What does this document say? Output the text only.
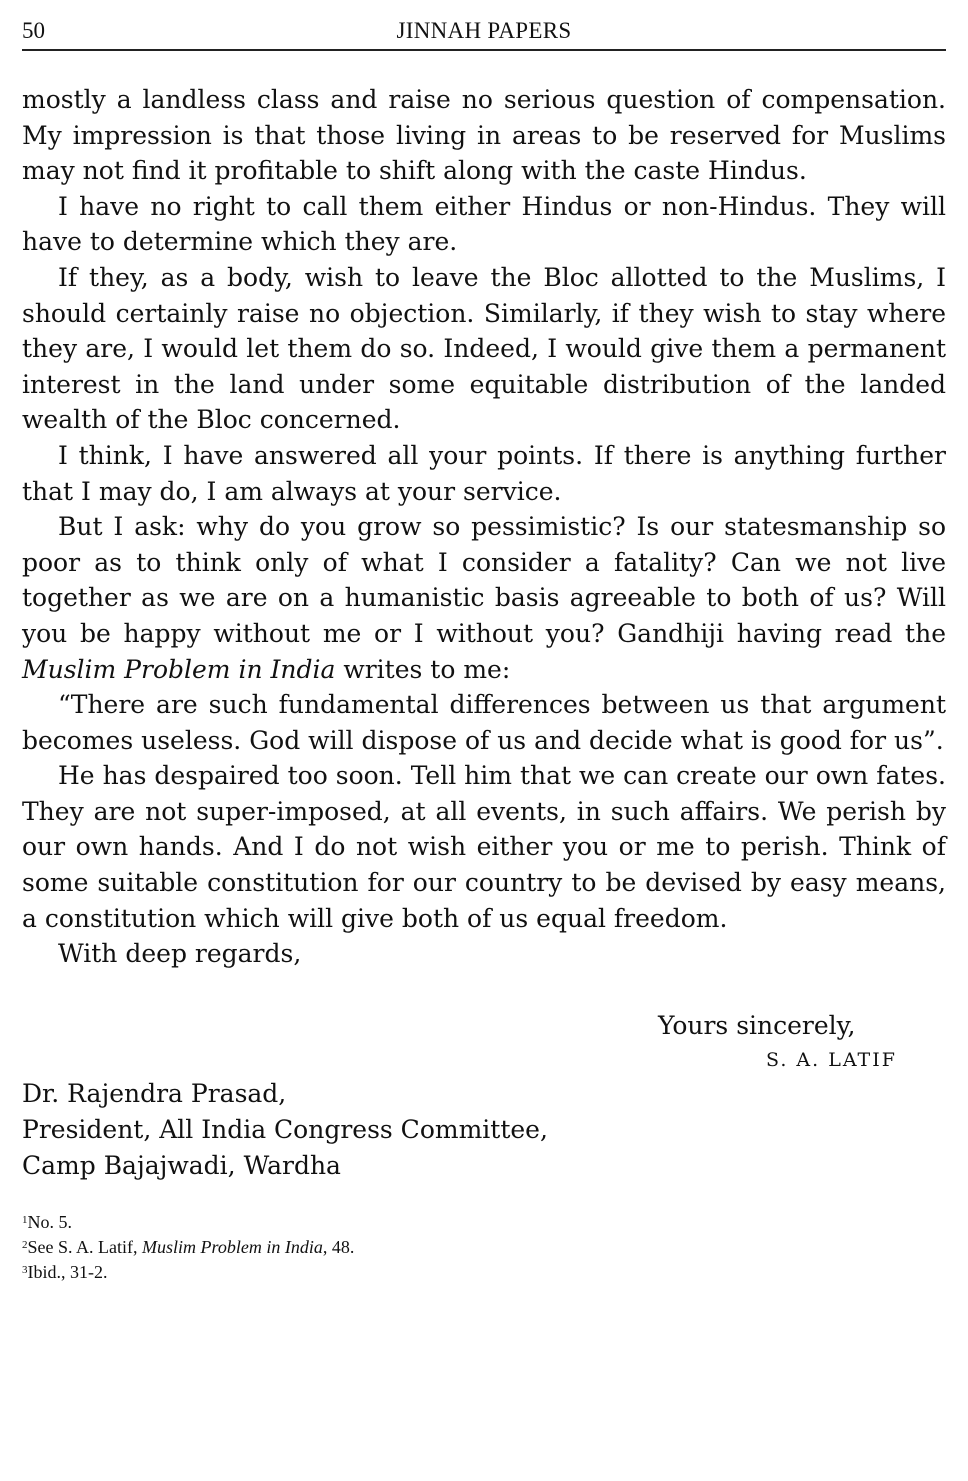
50	JINNAH PAPERS

mostly a landless class and raise no serious question of compensation. My impression is that those living in areas to be reserved for Muslims may not find it profitable to shift along with the caste Hindus.

I have no right to call them either Hindus or non-Hindus. They will have to determine which they are.

If they, as a body, wish to leave the Bloc allotted to the Muslims, I should certainly raise no objection. Similarly, if they wish to stay where they are, I would let them do so. Indeed, I would give them a permanent interest in the land under some equitable distribution of the landed wealth of the Bloc concerned.

I think, I have answered all your points. If there is anything further that I may do, I am always at your service.

But I ask: why do you grow so pessimistic? Is our statesmanship so poor as to think only of what I consider a fatality? Can we not live together as we are on a humanistic basis agreeable to both of us? Will you be happy without me or I without you? Gandhiji having read the Muslim Problem in India writes to me:

“There are such fundamental differences between us that argument becomes useless. God will dispose of us and decide what is good for us”.

He has despaired too soon. Tell him that we can create our own fates. They are not super-imposed, at all events, in such affairs. We perish by our own hands. And I do not wish either you or me to perish. Think of some suitable constitution for our country to be devised by easy means, a constitution which will give both of us equal freedom.

With deep regards,

Yours sincerely,
S. A. LATIF
Dr. Rajendra Prasad,
President, All India Congress Committee,
Camp Bajajwadi, Wardha
$^1$No. 5.
$^2$See S. A. Latif, Muslim Problem in India, 48.
$^3$Ibid., 31-2.
